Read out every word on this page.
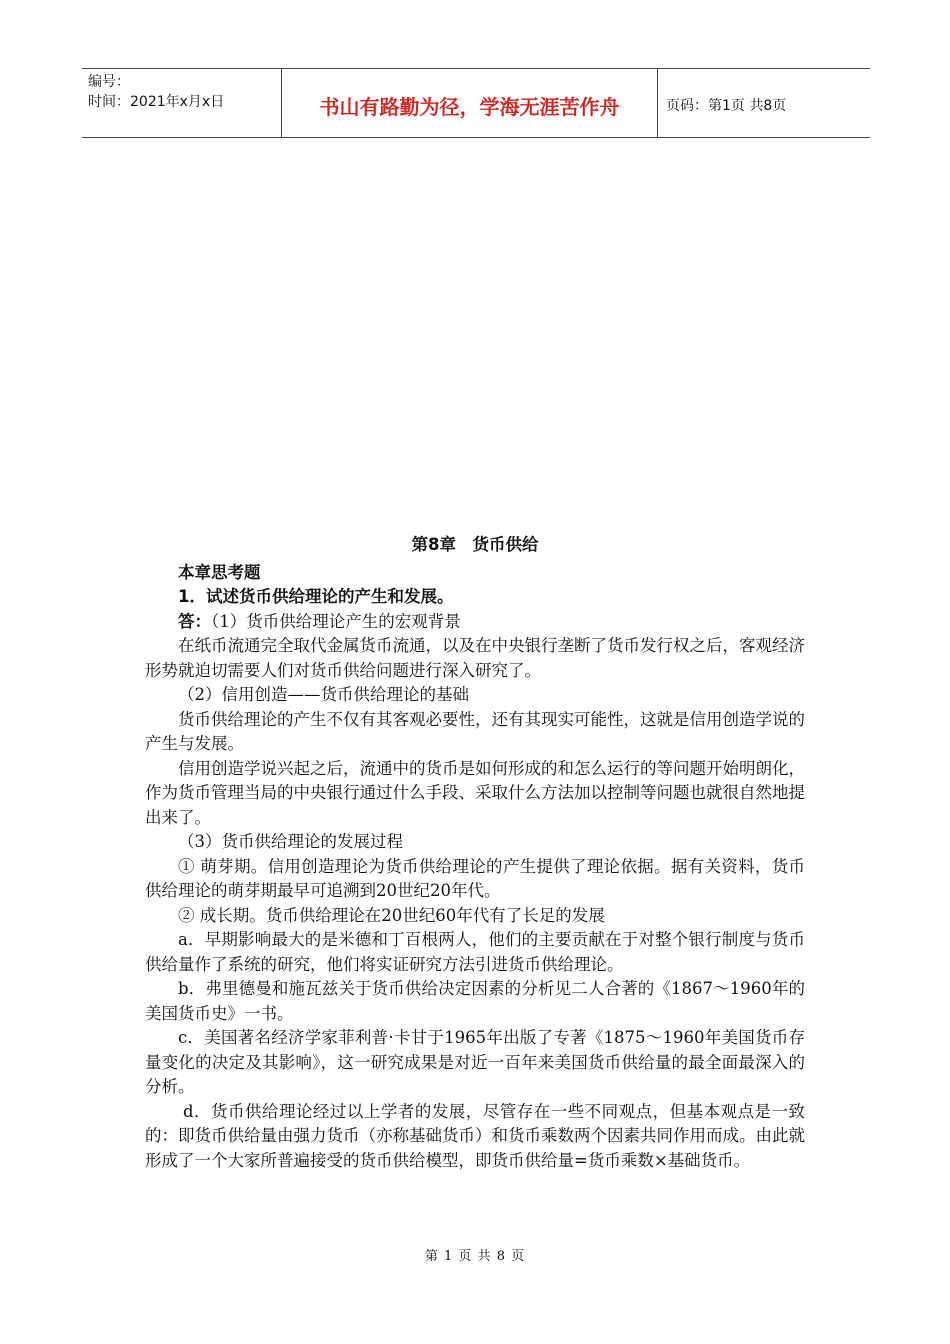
编号：
时间：2021年x月x日	书山有路勤为径，学海无涯苦作舟	页码：第1页 共8页
第8章　货币供给
本章思考题
1．试述货币供给理论的产生和发展。
答：（1）货币供给理论产生的宏观背景

在纸币流通完全取代金属货币流通，以及在中央银行垄断了货币发行权之后，客观经济形势就迫切需要人们对货币供给问题进行深入研究了。

（2）信用创造——货币供给理论的基础

货币供给理论的产生不仅有其客观必要性，还有其现实可能性，这就是信用创造学说的产生与发展。

信用创造学说兴起之后，流通中的货币是如何形成的和怎么运行的等问题开始明朗化，作为货币管理当局的中央银行通过什么手段、采取什么方法加以控制等问题也就很自然地提出来了。

（3）货币供给理论的发展过程

① 萌芽期。信用创造理论为货币供给理论的产生提供了理论依据。据有关资料，货币供给理论的萌芽期最早可追溯到20世纪20年代。

② 成长期。货币供给理论在20世纪60年代有了长足的发展

a．早期影响最大的是米德和丁百根两人，他们的主要贡献在于对整个银行制度与货币供给量作了系统的研究，他们将实证研究方法引进货币供给理论。

b．弗里德曼和施瓦兹关于货币供给决定因素的分析见二人合著的《1867～1960年的美国货币史》一书。

c．美国著名经济学家菲利普·卡甘于1965年出版了专著《1875～1960年美国货币存量变化的决定及其影响》，这一研究成果是对近一百年来美国货币供给量的最全面最深入的分析。

d．货币供给理论经过以上学者的发展，尽管存在一些不同观点，但基本观点是一致的：即货币供给量由强力货币（亦称基础货币）和货币乘数两个因素共同作用而成。由此就形成了一个大家所普遍接受的货币供给模型，即货币供给量=货币乘数×基础货币。

第 1 页 共 8 页
